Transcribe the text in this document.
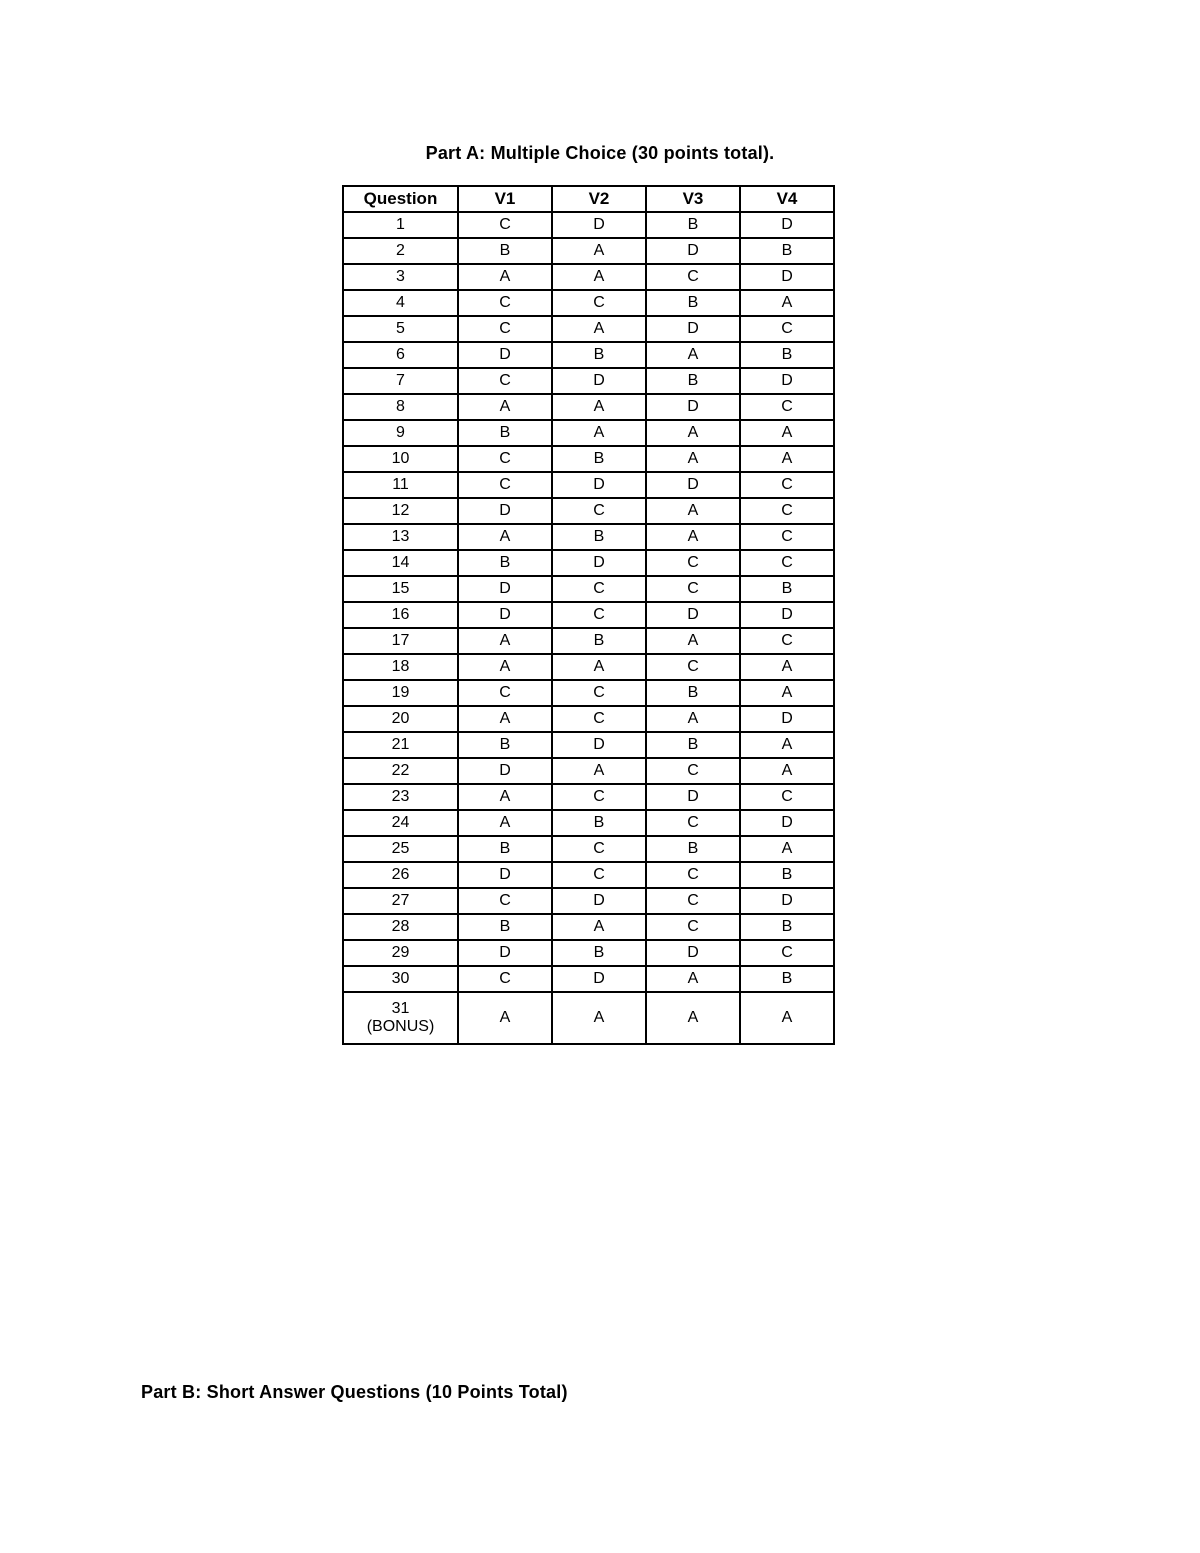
Part A: Multiple Choice (30 points total).
Question	V1	V2	V3	V4
1	C	D	B	D
2	B	A	D	B
3	A	A	C	D
4	C	C	B	A
5	C	A	D	C
6	D	B	A	B
7	C	D	B	D
8	A	A	D	C
9	B	A	A	A
10	C	B	A	A
11	C	D	D	C
12	D	C	A	C
13	A	B	A	C
14	B	D	C	C
15	D	C	C	B
16	D	C	D	D
17	A	B	A	C
18	A	A	C	A
19	C	C	B	A
20	A	C	A	D
21	B	D	B	A
22	D	A	C	A
23	A	C	D	C
24	A	B	C	D
25	B	C	B	A
26	D	C	C	B
27	C	D	C	D
28	B	A	C	B
29	D	B	D	C
30	C	D	A	B

31
(BONUS)	A	A	A	A
Part B: Short Answer Questions (10 Points Total)
